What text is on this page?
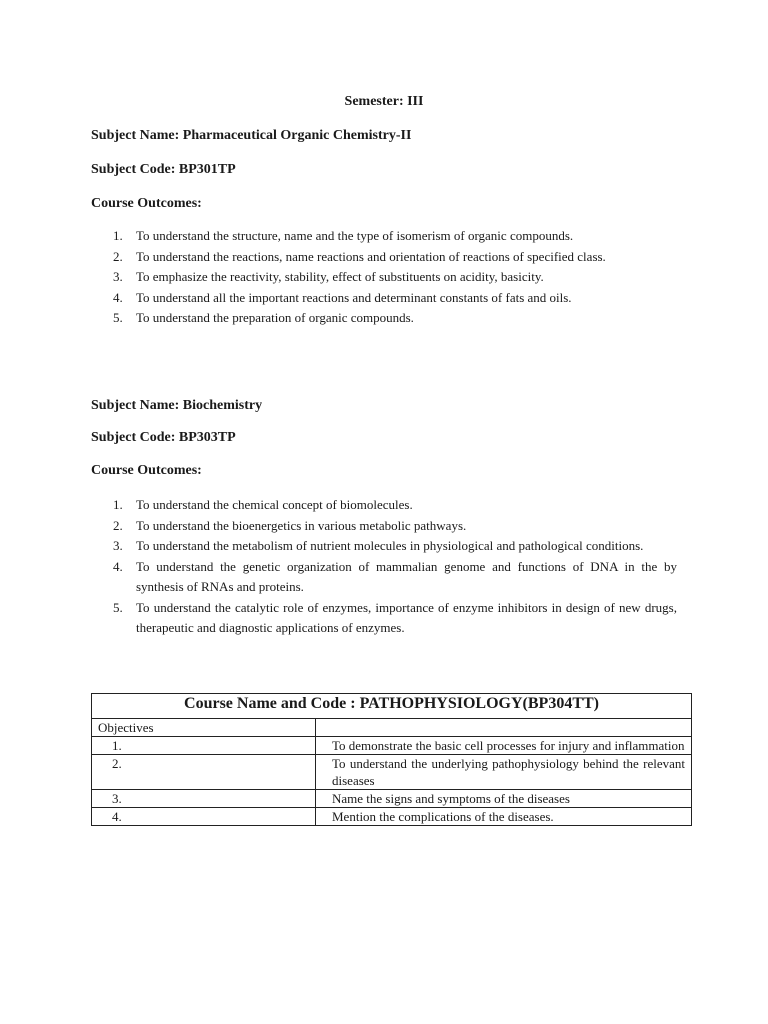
Semester: III
Subject Name: Pharmaceutical Organic Chemistry-II
Subject Code: BP301TP
Course Outcomes:
1. To understand the structure, name and the type of isomerism of organic compounds.
2. To understand the reactions, name reactions and orientation of reactions of specified class.
3. To emphasize the reactivity, stability, effect of substituents on acidity, basicity.
4. To understand all the important reactions and determinant constants of fats and oils.
5. To understand the preparation of organic compounds.
Subject Name: Biochemistry
Subject Code: BP303TP
Course Outcomes:
1. To understand the chemical concept of biomolecules.
2. To understand the bioenergetics in various metabolic pathways.
3. To understand the metabolism of nutrient molecules in physiological and pathological conditions.
4. To understand the genetic organization of mammalian genome and functions of DNA in the by synthesis of RNAs and proteins.
5. To understand the catalytic role of enzymes, importance of enzyme inhibitors in design of new drugs, therapeutic and diagnostic applications of enzymes.
Course Name and Code : PATHOPHYSIOLOGY(BP304TT)	
Objectives	
1.	To demonstrate the basic cell processes for injury and inflammation
2.	To understand the underlying pathophysiology behind the relevant diseases
3.	Name the signs and symptoms of the diseases
4.	Mention the complications of the diseases.
